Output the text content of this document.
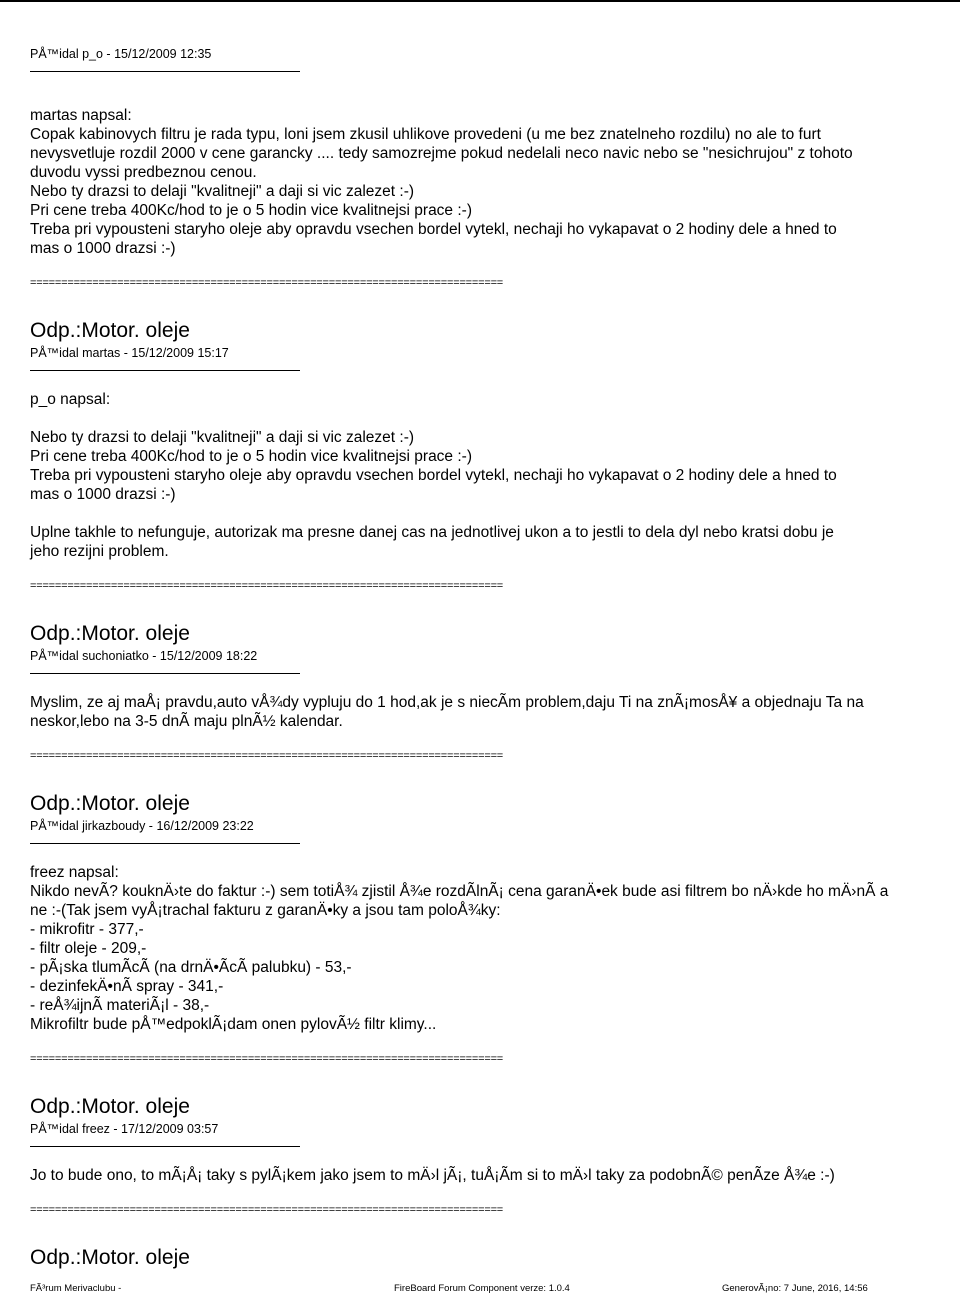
PÅ™idal p_o - 15/12/2009 12:35

martas napsal:
Copak kabinovych filtru je rada typu, loni jsem zkusil uhlikove provedeni (u me bez znatelneho rozdilu) no ale to furt
nevysvetluje rozdil 2000 v cene garancky .... tedy samozrejme pokud nedelali neco navic nebo se "nesichrujou" z tohoto
duvodu vyssi predbeznou cenou.
Nebo ty drazsi to delaji "kvalitneji" a daji si vic zalezet :-)
Pri cene treba 400Kc/hod to je o 5 hodin vice kvalitnejsi prace :-)
Treba pri vypousteni staryho oleje aby opravdu vsechen bordel vytekl, nechaji ho vykapavat o 2 hodiny dele a hned to
mas o 1000 drazsi :-)

============================================================================

Odp.:Motor. oleje

PÅ™idal martas - 15/12/2009 15:17

p_o napsal:
Nebo ty drazsi to delaji "kvalitneji" a daji si vic zalezet :-)
Pri cene treba 400Kc/hod to je o 5 hodin vice kvalitnejsi prace :-)
Treba pri vypousteni staryho oleje aby opravdu vsechen bordel vytekl, nechaji ho vykapavat o 2 hodiny dele a hned to
mas o 1000 drazsi :-)
Uplne takhle to nefunguje, autorizak ma presne danej cas na jednotlivej ukon a to jestli to dela dyl nebo kratsi dobu je
jeho rezijni problem.

============================================================================

Odp.:Motor. oleje

PÅ™idal suchoniatko - 15/12/2009 18:22

Myslim, ze aj maÅ¡ pravdu,auto vÅ¾dy vypluju do 1 hod,ak je s niecÃm problem,daju Ti na znÃ¡mosÅ¥ a objednaju Ta na
neskor,lebo na 3-5 dnÃ maju plnÃ½ kalendar.

============================================================================

Odp.:Motor. oleje

PÅ™idal jirkazboudy - 16/12/2009 23:22

freez napsal:
Nikdo nevÃ? kouknÄ›te do faktur :-) sem totiÅ¾ zjistil Å¾e rozdÃlnÃ¡ cena garanÄ•ek bude asi filtrem bo nÄ›kde ho mÄ›nÃ a
ne :-(Tak jsem vyÅ¡trachal fakturu z garanÄ•ky a jsou tam poloÅ¾ky:
- mikrofitr - 377,-
- filtr oleje - 209,-
- pÃ¡ska tlumÃcÃ (na drnÄ•ÃcÃ palubku) - 53,-
- dezinfekÄ•nÃ spray - 341,-
- reÅ¾ijnÃ materiÃ¡l - 38,-
Mikrofiltr bude pÅ™edpoklÃ¡dam onen pylovÃ½ filtr klimy...

============================================================================

Odp.:Motor. oleje

PÅ™idal freez - 17/12/2009 03:57

Jo to bude ono, to mÃ¡Å¡ taky s pylÃ¡kem jako jsem to mÄ›l jÃ¡, tuÅ¡Ãm si to mÄ›l taky za podobnÃ© penÃze Å¾e :-)

============================================================================

Odp.:Motor. oleje

FÃ³rum Merivaclubu -	FireBoard Forum Component verze: 1.0.4	GenerovÃ¡no: 7 June, 2016, 14:56
